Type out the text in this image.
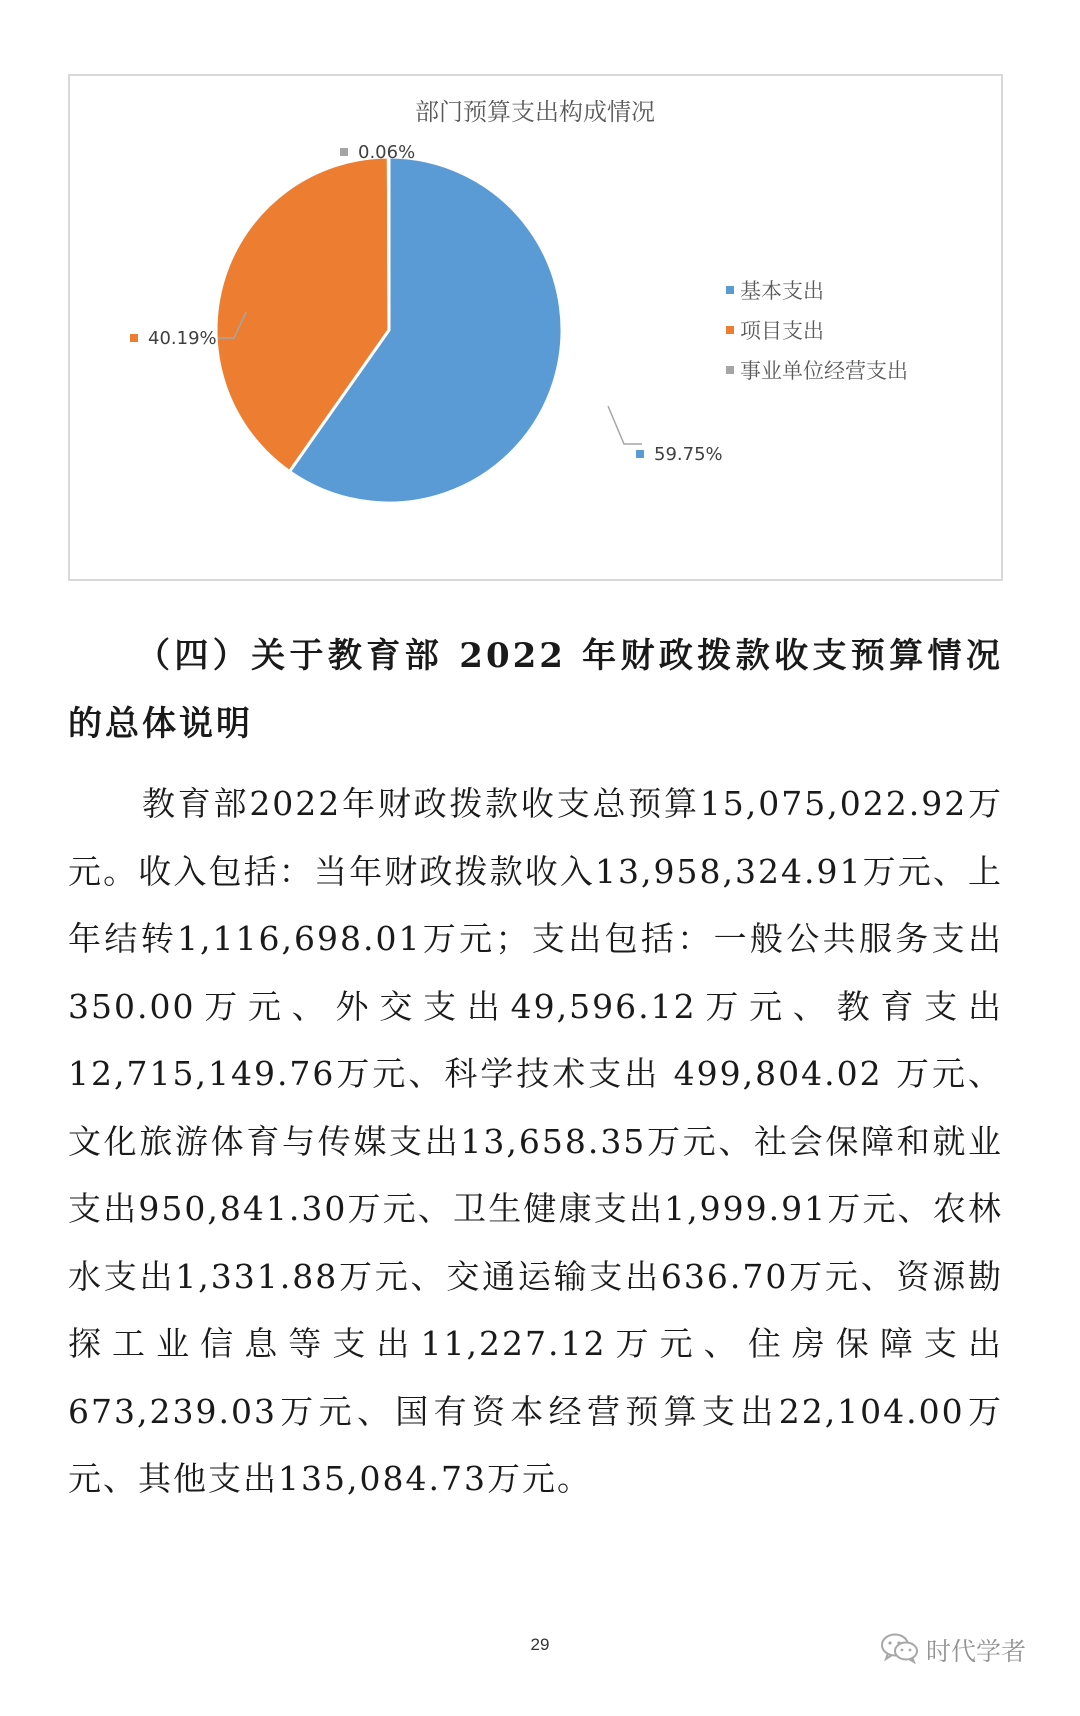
部门预算支出构成情况
59.75%
40.19%
0.06%
基本支出
项目支出
事业单位经营支出

（四）关于教育部 2022 年财政拨款收支预算情况的总体说明

教育部2022年财政拨款收支总预算15,075,022.92万元。收入包括：当年财政拨款收入13,958,324.91万元、上年结转1,116,698.01万元；支出包括：一般公共服务支出350.00万元、外交支出49,596.12万元、教育支出12,715,149.76万元、科学技术支出 499,804.02 万元、文化旅游体育与传媒支出13,658.35万元、社会保障和就业支出950,841.30万元、卫生健康支出1,999.91万元、农林水支出1,331.88万元、交通运输支出636.70万元、资源勘探工业信息等支出11,227.12万元、住房保障支出673,239.03万元、国有资本经营预算支出22,104.00万元、其他支出135,084.73万元。

29	时代学者
